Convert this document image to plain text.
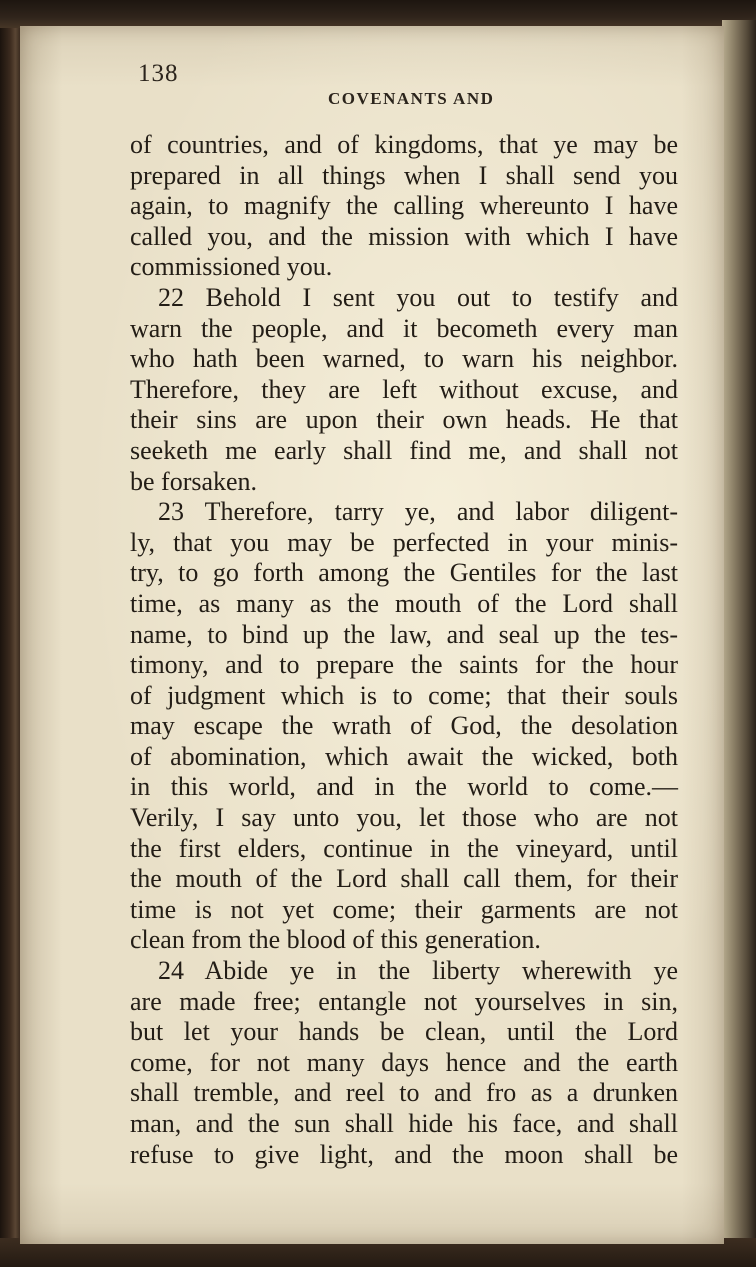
138
COVENANTS AND
of countries, and of kingdoms, that ye may be
prepared in all things when I shall send you
again, to magnify the calling whereunto I have
called you, and the mission with which I have
commissioned you.
22 Behold I sent you out to testify and
warn the people, and it becometh every man
who hath been warned, to warn his neighbor.
Therefore, they are left without excuse, and
their sins are upon their own heads. He that
seeketh me early shall find me, and shall not
be forsaken.
23 Therefore, tarry ye, and labor diligent-
ly, that you may be perfected in your minis-
try, to go forth among the Gentiles for the last
time, as many as the mouth of the Lord shall
name, to bind up the law, and seal up the tes-
timony, and to prepare the saints for the hour
of judgment which is to come; that their souls
may escape the wrath of God, the desolation
of abomination, which await the wicked, both
in this world, and in the world to come.—
Verily, I say unto you, let those who are not
the first elders, continue in the vineyard, until
the mouth of the Lord shall call them, for their
time is not yet come; their garments are not
clean from the blood of this generation.
24 Abide ye in the liberty wherewith ye
are made free; entangle not yourselves in sin,
but let your hands be clean, until the Lord
come, for not many days hence and the earth
shall tremble, and reel to and fro as a drunken
man, and the sun shall hide his face, and shall
refuse to give light, and the moon shall be
